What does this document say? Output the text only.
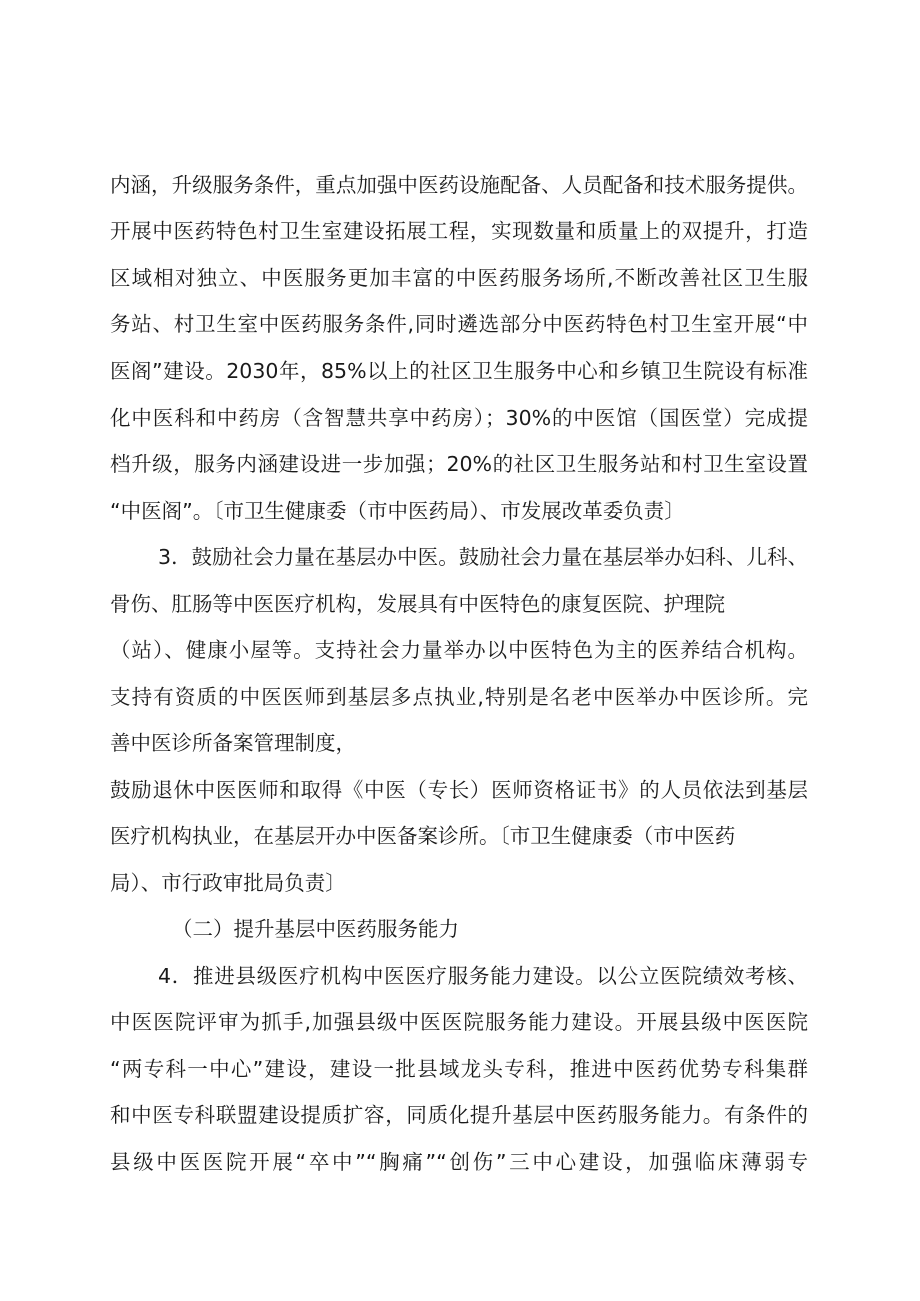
内涵，升级服务条件，重点加强中医药设施配备、人员配备和技术服务提供。

开展中医药特色村卫生室建设拓展工程，实现数量和质量上的双提升，打造

区域相对独立、中医服务更加丰富的中医药服务场所,不断改善社区卫生服

务站、村卫生室中医药服务条件,同时遴选部分中医药特色村卫生室开展“中

医阁”建设。2030年，85%以上的社区卫生服务中心和乡镇卫生院设有标准

化中医科和中药房（含智慧共享中药房）；30%的中医馆（国医堂）完成提

档升级，服务内涵建设进一步加强；20%的社区卫生服务站和村卫生室设置

“中医阁”。〔市卫生健康委（市中医药局）、市发展改革委负责〕

3．鼓励社会力量在基层办中医。鼓励社会力量在基层举办妇科、儿科、

骨伤、肛肠等中医医疗机构，发展具有中医特色的康复医院、护理院

（站）、健康小屋等。支持社会力量举办以中医特色为主的医养结合机构。

支持有资质的中医医师到基层多点执业,特别是名老中医举办中医诊所。完

善中医诊所备案管理制度，

鼓励退休中医医师和取得《中医（专长）医师资格证书》的人员依法到基层

医疗机构执业，在基层开办中医备案诊所。〔市卫生健康委（市中医药

局）、市行政审批局负责〕

（二）提升基层中医药服务能力

4．推进县级医疗机构中医医疗服务能力建设。以公立医院绩效考核、

中医医院评审为抓手,加强县级中医医院服务能力建设。开展县级中医医院

“两专科一中心”建设，建设一批县域龙头专科，推进中医药优势专科集群

和中医专科联盟建设提质扩容，同质化提升基层中医药服务能力。有条件的

县级中医医院开展“卒中”“胸痛”“创伤”三中心建设，加强临床薄弱专
